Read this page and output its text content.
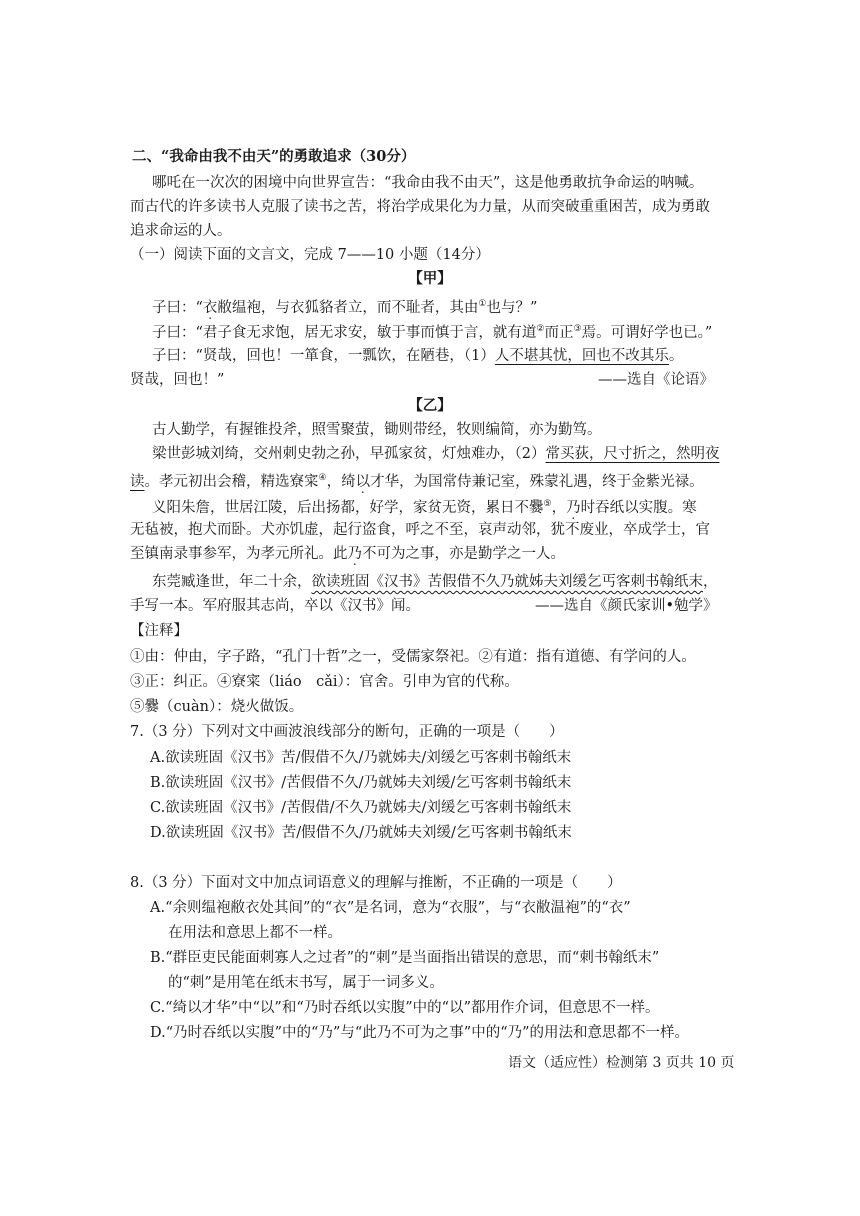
二、“我命由我不由天”的勇敢追求（30分）
哪吒在一次次的困境中向世界宣告：“我命由我不由天”，这是他勇敢抗争命运的呐喊。
而古代的许多读书人克服了读书之苦，将治学成果化为力量，从而突破重重困苦，成为勇敢
追求命运的人。
（一）阅读下面的文言文，完成 7——10 小题（14分）
【甲】
子曰：“衣敝缊袍，与衣狐貉者立，而不耻者，其由①也与？”
子曰：“君子食无求饱，居无求安，敏于事而慎于言，就有道②而正③焉。可谓好学也已。”
子曰：“贤哉，回也！一箪食，一瓢饮，在陋巷，（1）人不堪其忧，回也不改其乐。
贤哉，回也！”	——选自《论语》
【乙】
古人勤学，有握锥投斧，照雪聚萤，锄则带经，牧则编简，亦为勤笃。
梁世彭城刘绮，交州刺史勃之孙，早孤家贫，灯烛难办，（2）常买荻，尺寸折之，然明夜
读。孝元初出会稽，精选寮寀④，绮以才华，为国常侍兼记室，殊蒙礼遇，终于金紫光禄。
义阳朱詹，世居江陵，后出扬都，好学，家贫无资，累日不爨⑤，乃时吞纸以实腹。寒
无毡被，抱犬而卧。犬亦饥虚，起行盗食，呼之不至，哀声动邻，犹不废业，卒成学士，官
至镇南录事参军，为孝元所礼。此乃不可为之事，亦是勤学之一人。
东莞臧逢世，年二十余，欲读班固《汉书》苦假借不久乃就姊夫刘缓乞丐客刺书翰纸末，
手写一本。军府服其志尚，卒以《汉书》闻。	——选自《颜氏家训•勉学》
【注释】
①由：仲由，字子路，“孔门十哲”之一，受儒家祭祀。②有道：指有道德、有学问的人。
③正：纠正。④寮寀（liáo　cǎi）：官舍。引申为官的代称。
⑤爨（cuàn）：烧火做饭。
7.（3 分）下列对文中画波浪线部分的断句，正确的一项是（　　）
A.欲读班固《汉书》苦/假借不久/乃就姊夫/刘缓乞丐客刺书翰纸末
B.欲读班固《汉书》/苦假借不久/乃就姊夫刘缓/乞丐客刺书翰纸末
C.欲读班固《汉书》/苦假借/不久乃就姊夫/刘缓乞丐客刺书翰纸末
D.欲读班固《汉书》苦/假借不久/乃就姊夫刘缓/乞丐客刺书翰纸末
8.（3 分）下面对文中加点词语意义的理解与推断，不正确的一项是（　　）
A.“余则缊袍敝衣处其间”的“衣”是名词，意为“衣服”，与“衣敝温袍”的“衣”
在用法和意思上都不一样。
B.“群臣吏民能面刺寡人之过者”的“刺”是当面指出错误的意思，而“刺书翰纸末”
的“刺”是用笔在纸末书写，属于一词多义。
C.“绮以才华”中“以”和“乃时吞纸以实腹”中的“以”都用作介词，但意思不一样。
D.“乃时吞纸以实腹”中的“乃”与“此乃不可为之事”中的“乃”的用法和意思都不一样。
语文（适应性）检测第 3 页共 10 页
